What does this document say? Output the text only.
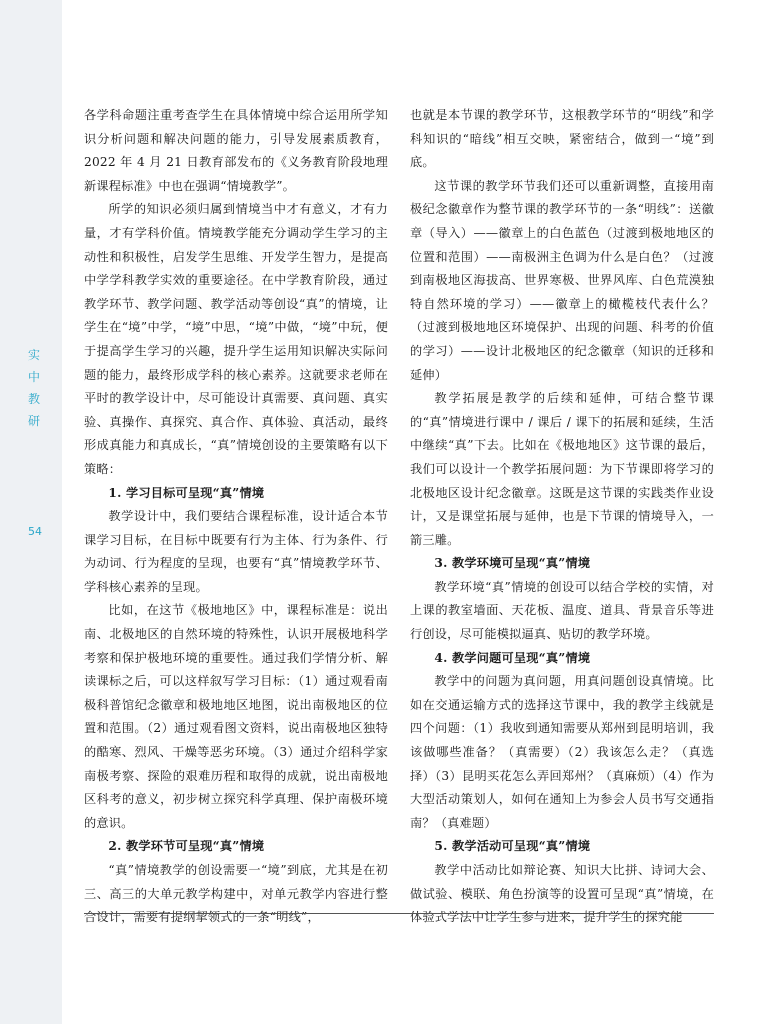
实
中
教
研
54

各学科命题注重考查学生在具体情境中综合运用所学知识分析问题和解决问题的能力，引导发展素质教育，2022 年 4 月 21 日教育部发布的《义务教育阶段地理新课程标准》中也在强调“情境教学”。

所学的知识必须归属到情境当中才有意义，才有力量，才有学科价值。情境教学能充分调动学生学习的主动性和积极性，启发学生思维、开发学生智力，是提高中学学科教学实效的重要途径。在中学教育阶段，通过教学环节、教学问题、教学活动等创设“真”的情境，让学生在“境”中学，“境”中思，“境”中做，“境”中玩，便于提高学生学习的兴趣，提升学生运用知识解决实际问题的能力，最终形成学科的核心素养。这就要求老师在平时的教学设计中，尽可能设计真需要、真问题、真实验、真操作、真探究、真合作、真体验、真活动，最终形成真能力和真成长，“真”情境创设的主要策略有以下策略：

1. 学习目标可呈现“真”情境

教学设计中，我们要结合课程标准，设计适合本节课学习目标，在目标中既要有行为主体、行为条件、行为动词、行为程度的呈现，也要有“真”情境教学环节、学科核心素养的呈现。

比如，在这节《极地地区》中，课程标准是：说出南、北极地区的自然环境的特殊性，认识开展极地科学考察和保护极地环境的重要性。通过我们学情分析、解读课标之后，可以这样叙写学习目标：（1）通过观看南极科普馆纪念徽章和极地地区地图，说出南极地区的位置和范围。（2）通过观看图文资料，说出南极地区独特的酷寒、烈风、干燥等恶劣环境。（3）通过介绍科学家南极考察、探险的艰难历程和取得的成就，说出南极地区科考的意义，初步树立探究科学真理、保护南极环境的意识。

2. 教学环节可呈现“真”情境

“真”情境教学的创设需要一“境”到底，尤其是在初三、高三的大单元教学构建中，对单元教学内容进行整合设计，需要有提纲挈领式的一条“明线”，

也就是本节课的教学环节，这根教学环节的“明线”和学科知识的“暗线”相互交映，紧密结合，做到一“境”到底。

这节课的教学环节我们还可以重新调整，直接用南极纪念徽章作为整节课的教学环节的一条“明线”：送徽章（导入）——徽章上的白色蓝色（过渡到极地地区的位置和范围）——南极洲主色调为什么是白色？（过渡到南极地区海拔高、世界寒极、世界风库、白色荒漠独特自然环境的学习）——徽章上的橄榄枝代表什么？（过渡到极地地区环境保护、出现的问题、科考的价值的学习）——设计北极地区的纪念徽章（知识的迁移和延伸）

教学拓展是教学的后续和延伸，可结合整节课的“真”情境进行课中 / 课后 / 课下的拓展和延续，生活中继续“真”下去。比如在《极地地区》这节课的最后，我们可以设计一个教学拓展问题：为下节课即将学习的北极地区设计纪念徽章。这既是这节课的实践类作业设计，又是课堂拓展与延伸，也是下节课的情境导入，一箭三雕。

3. 教学环境可呈现“真”情境

教学环境“真”情境的创设可以结合学校的实情，对上课的教室墙面、天花板、温度、道具、背景音乐等进行创设，尽可能模拟逼真、贴切的教学环境。

4. 教学问题可呈现“真”情境

教学中的问题为真问题，用真问题创设真情境。比如在交通运输方式的选择这节课中，我的教学主线就是四个问题：（1）我收到通知需要从郑州到昆明培训，我该做哪些准备？（真需要）（2）我该怎么走？（真选择）（3）昆明买花怎么弄回郑州？（真麻烦）（4）作为大型活动策划人，如何在通知上为参会人员书写交通指南？（真难题）

5. 教学活动可呈现“真”情境

教学中活动比如辩论赛、知识大比拼、诗词大会、做试验、模联、角色扮演等的设置可呈现“真”情境，在体验式学法中让学生参与进来，提升学生的探究能
